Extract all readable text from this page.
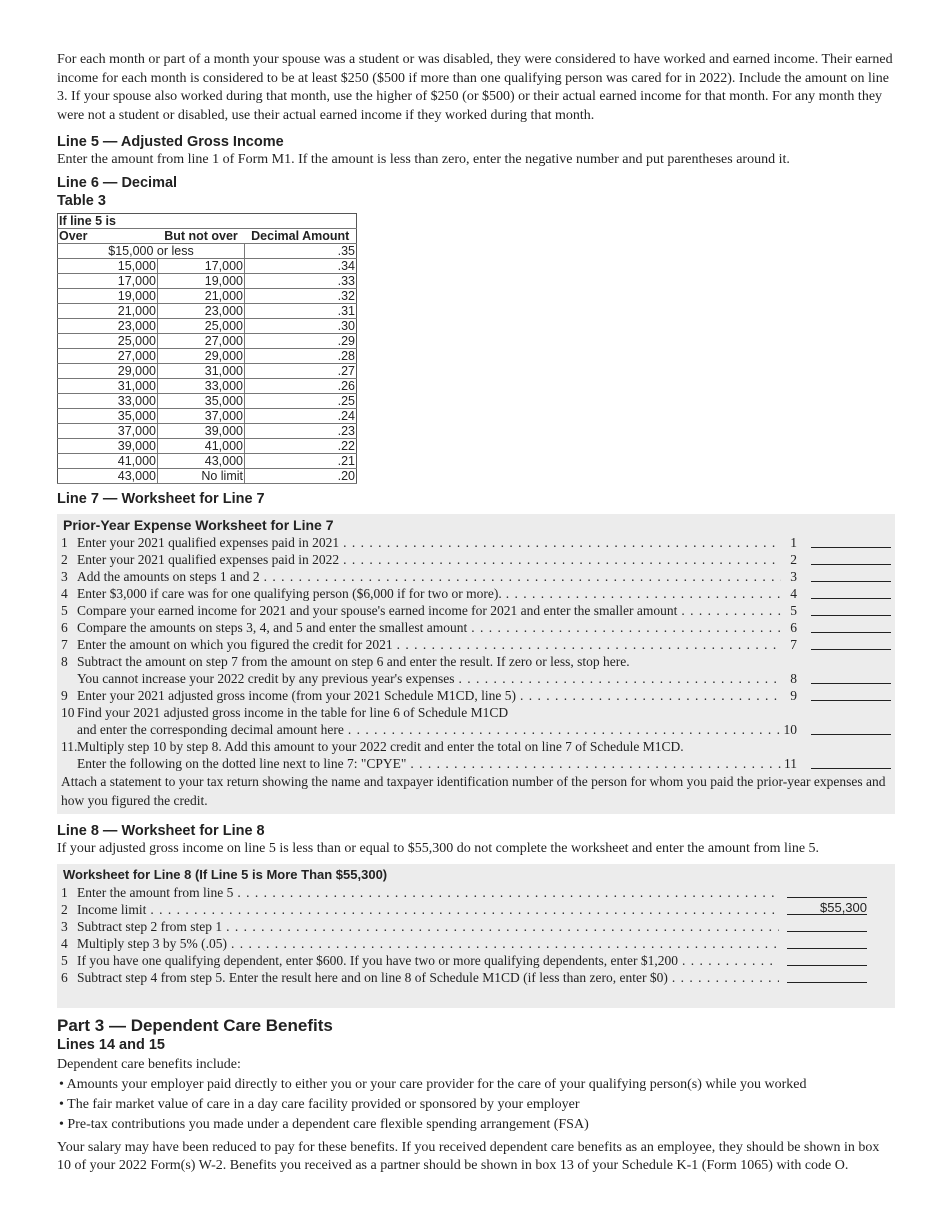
For each month or part of a month your spouse was a student or was disabled, they were considered to have worked and earned income. Their earned income for each month is considered to be at least $250 ($500 if more than one qualifying person was cared for in 2022). Include the amount on line 3. If your spouse also worked during that month, use the higher of $250 (or $500) or their actual earned income for that month. For any month they were not a student or disabled, use their actual earned income if they worked during that month.

Line 5 — Adjusted Gross Income

Enter the amount from line 1 of Form M1. If the amount is less than zero, enter the negative number and put parentheses around it.

Line 6 — Decimal
Table 3
If line 5 is		
Over	But not over	Decimal Amount
$15,000 or less		.35
15,000	17,000	.34
17,000	19,000	.33
19,000	21,000	.32
21,000	23,000	.31
23,000	25,000	.30
25,000	27,000	.29
27,000	29,000	.28
29,000	31,000	.27
31,000	33,000	.26
33,000	35,000	.25
35,000	37,000	.24
37,000	39,000	.23
39,000	41,000	.22
41,000	43,000	.21
43,000	No limit	.20
Line 7 — Worksheet for Line 7
Prior-Year Expense Worksheet for Line 7
1 Enter your 2021 qualified expenses paid in 2021 . . .	1
2 Enter your 2021 qualified expenses paid in 2022 . . .	2
3 Add the amounts on steps 1 and 2 . . .	3
4 Enter $3,000 if care was for one qualifying person ($6,000 if for two or more). . . .	4
5 Compare your earned income for 2021 and your spouse's earned income for 2021 and enter the smaller amount . . .	5
6 Compare the amounts on steps 3, 4, and 5 and enter the smallest amount . . .	6
7 Enter the amount on which you figured the credit for 2021 . . .	7
8 Subtract the amount on step 7 from the amount on step 6 and enter the result. If zero or less, stop here.
You cannot increase your 2022 credit by any previous year's expenses . . .	8
9 Enter your 2021 adjusted gross income (from your 2021 Schedule M1CD, line 5) . . .	9
10 Find your 2021 adjusted gross income in the table for line 6 of Schedule M1CD
and enter the corresponding decimal amount here . . .	10
11. Multiply step 10 by step 8. Add this amount to your 2022 credit and enter the total on line 7 of Schedule M1CD.
Enter the following on the dotted line next to line 7: "CPYE" . . .	11

Attach a statement to your tax return showing the name and taxpayer identification number of the person for whom you paid the prior-year expenses and how you figured the credit.

Line 8 — Worksheet for Line 8

If your adjusted gross income on line 5 is less than or equal to $55,300 do not complete the worksheet and enter the amount from line 5.

Worksheet for Line 8 (If Line 5 is More Than $55,300)
1 Enter the amount from line 5
. . .
2 Income limit . . .	$55,300
3 Subtract step 2 from step 1
. . .
4 Multiply step 3 by 5% (.05)
. . .
5 If you have one qualifying dependent, enter $600. If you have two or more qualifying dependents, enter $1,200
. . .
6 Subtract step 4 from step 5. Enter the result here and on line 8 of Schedule M1CD (if less than zero, enter $0)
. . .
Part 3 — Dependent Care Benefits
Lines 14 and 15

Dependent care benefits include:

• Amounts your employer paid directly to either you or your care provider for the care of your qualifying person(s) while you worked
• The fair market value of care in a day care facility provided or sponsored by your employer
• Pre-tax contributions you made under a dependent care flexible spending arrangement (FSA)

Your salary may have been reduced to pay for these benefits. If you received dependent care benefits as an employee, they should be shown in box 10 of your 2022 Form(s) W-2. Benefits you received as a partner should be shown in box 13 of your Schedule K-1 (Form 1065) with code O.
